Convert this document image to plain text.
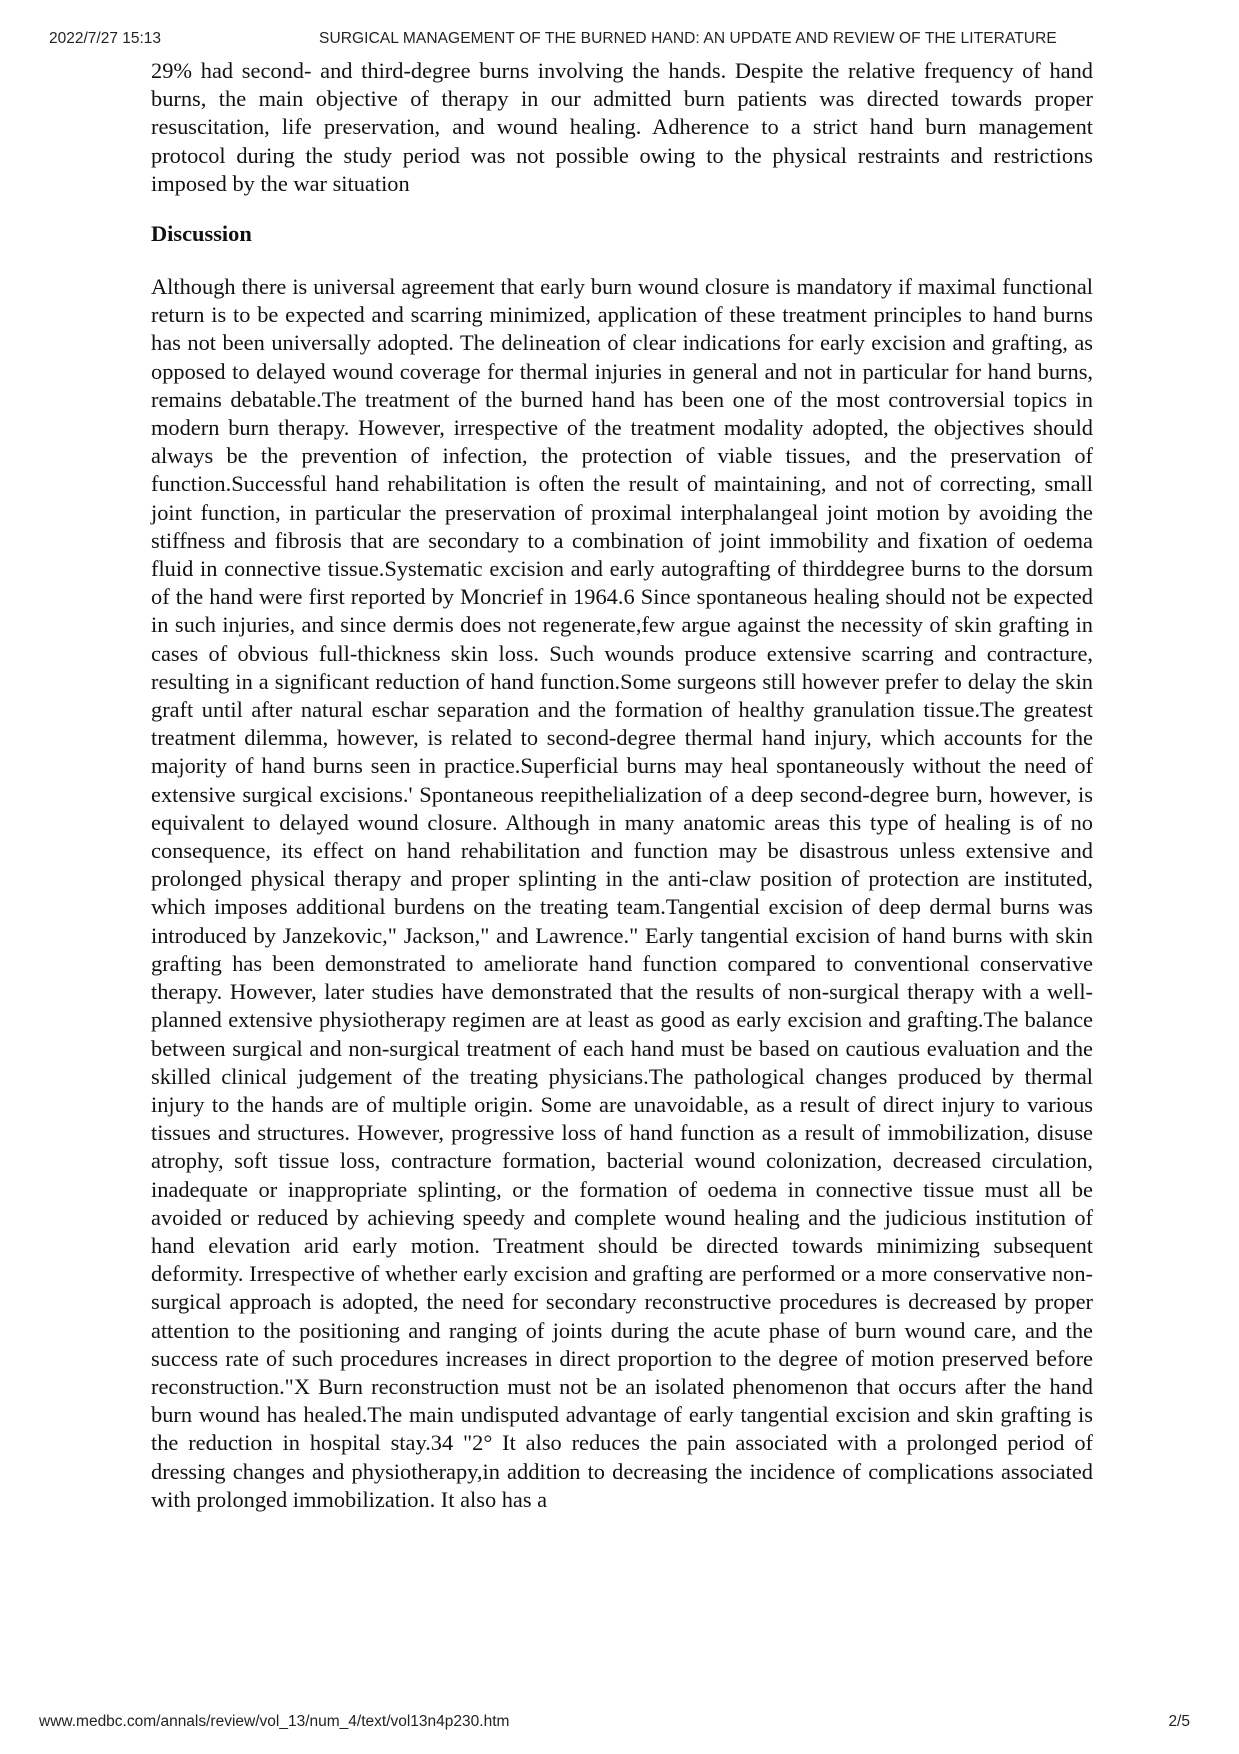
2022/7/27 15:13	SURGICAL MANAGEMENT OF THE BURNED HAND: AN UPDATE AND REVIEW OF THE LITERATURE

29% had second- and third-degree burns involving the hands. Despite the relative frequency of hand burns, the main objective of therapy in our admitted burn patients was directed towards proper resuscitation, life preservation, and wound healing. Adherence to a strict hand burn management protocol during the study period was not possible owing to the physical restraints and restrictions imposed by the war situation

Discussion

Although there is universal agreement that early burn wound closure is mandatory if maximal functional return is to be expected and scarring minimized, application of these treatment principles to hand burns has not been universally adopted. The delineation of clear indications for early excision and grafting, as opposed to delayed wound coverage for thermal injuries in general and not in particular for hand burns, remains debatable.The treatment of the burned hand has been one of the most controversial topics in modern burn therapy. However, irrespective of the treatment modality adopted, the objectives should always be the prevention of infection, the protection of viable tissues, and the preservation of function.Successful hand rehabilitation is often the result of maintaining, and not of correcting, small joint function, in particular the preservation of proximal interphalangeal joint motion by avoiding the stiffness and fibrosis that are secondary to a combination of joint immobility and fixation of oedema fluid in connective tissue.Systematic excision and early autografting of thirddegree burns to the dorsum of the hand were first reported by Moncrief in 1964.6 Since spontaneous healing should not be expected in such injuries, and since dermis does not regenerate,few argue against the necessity of skin grafting in cases of obvious full-thickness skin loss. Such wounds produce extensive scarring and contracture, resulting in a significant reduction of hand function.Some surgeons still however prefer to delay the skin graft until after natural eschar separation and the formation of healthy granulation tissue.The greatest treatment dilemma, however, is related to second-degree thermal hand injury, which accounts for the majority of hand burns seen in practice.Superficial burns may heal spontaneously without the need of extensive surgical excisions.' Spontaneous reepithelialization of a deep second-degree burn, however, is equivalent to delayed wound closure. Although in many anatomic areas this type of healing is of no consequence, its effect on hand rehabilitation and function may be disastrous unless extensive and prolonged physical therapy and proper splinting in the anti-claw position of protection are instituted, which imposes additional burdens on the treating team.Tangential excision of deep dermal burns was introduced by Janzekovic," Jackson," and Lawrence." Early tangential excision of hand burns with skin grafting has been demonstrated to ameliorate hand function compared to conventional conservative therapy. However, later studies have demonstrated that the results of non-surgical therapy with a well-planned extensive physiotherapy regimen are at least as good as early excision and grafting.The balance between surgical and non-surgical treatment of each hand must be based on cautious evaluation and the skilled clinical judgement of the treating physicians.The pathological changes produced by thermal injury to the hands are of multiple origin. Some are unavoidable, as a result of direct injury to various tissues and structures. However, progressive loss of hand function as a result of immobilization, disuse atrophy, soft tissue loss, contracture formation, bacterial wound colonization, decreased circulation, inadequate or inappropriate splinting, or the formation of oedema in connective tissue must all be avoided or reduced by achieving speedy and complete wound healing and the judicious institution of hand elevation arid early motion. Treatment should be directed towards minimizing subsequent deformity. Irrespective of whether early excision and grafting are performed or a more conservative non-surgical approach is adopted, the need for secondary reconstructive procedures is decreased by proper attention to the positioning and ranging of joints during the acute phase of burn wound care, and the success rate of such procedures increases in direct proportion to the degree of motion preserved before reconstruction."X Burn reconstruction must not be an isolated phenomenon that occurs after the hand burn wound has healed.The main undisputed advantage of early tangential excision and skin grafting is the reduction in hospital stay.34 "2° It also reduces the pain associated with a prolonged period of dressing changes and physiotherapy,in addition to decreasing the incidence of complications associated with prolonged immobilization. It also has a

www.medbc.com/annals/review/vol_13/num_4/text/vol13n4p230.htm	2/5
